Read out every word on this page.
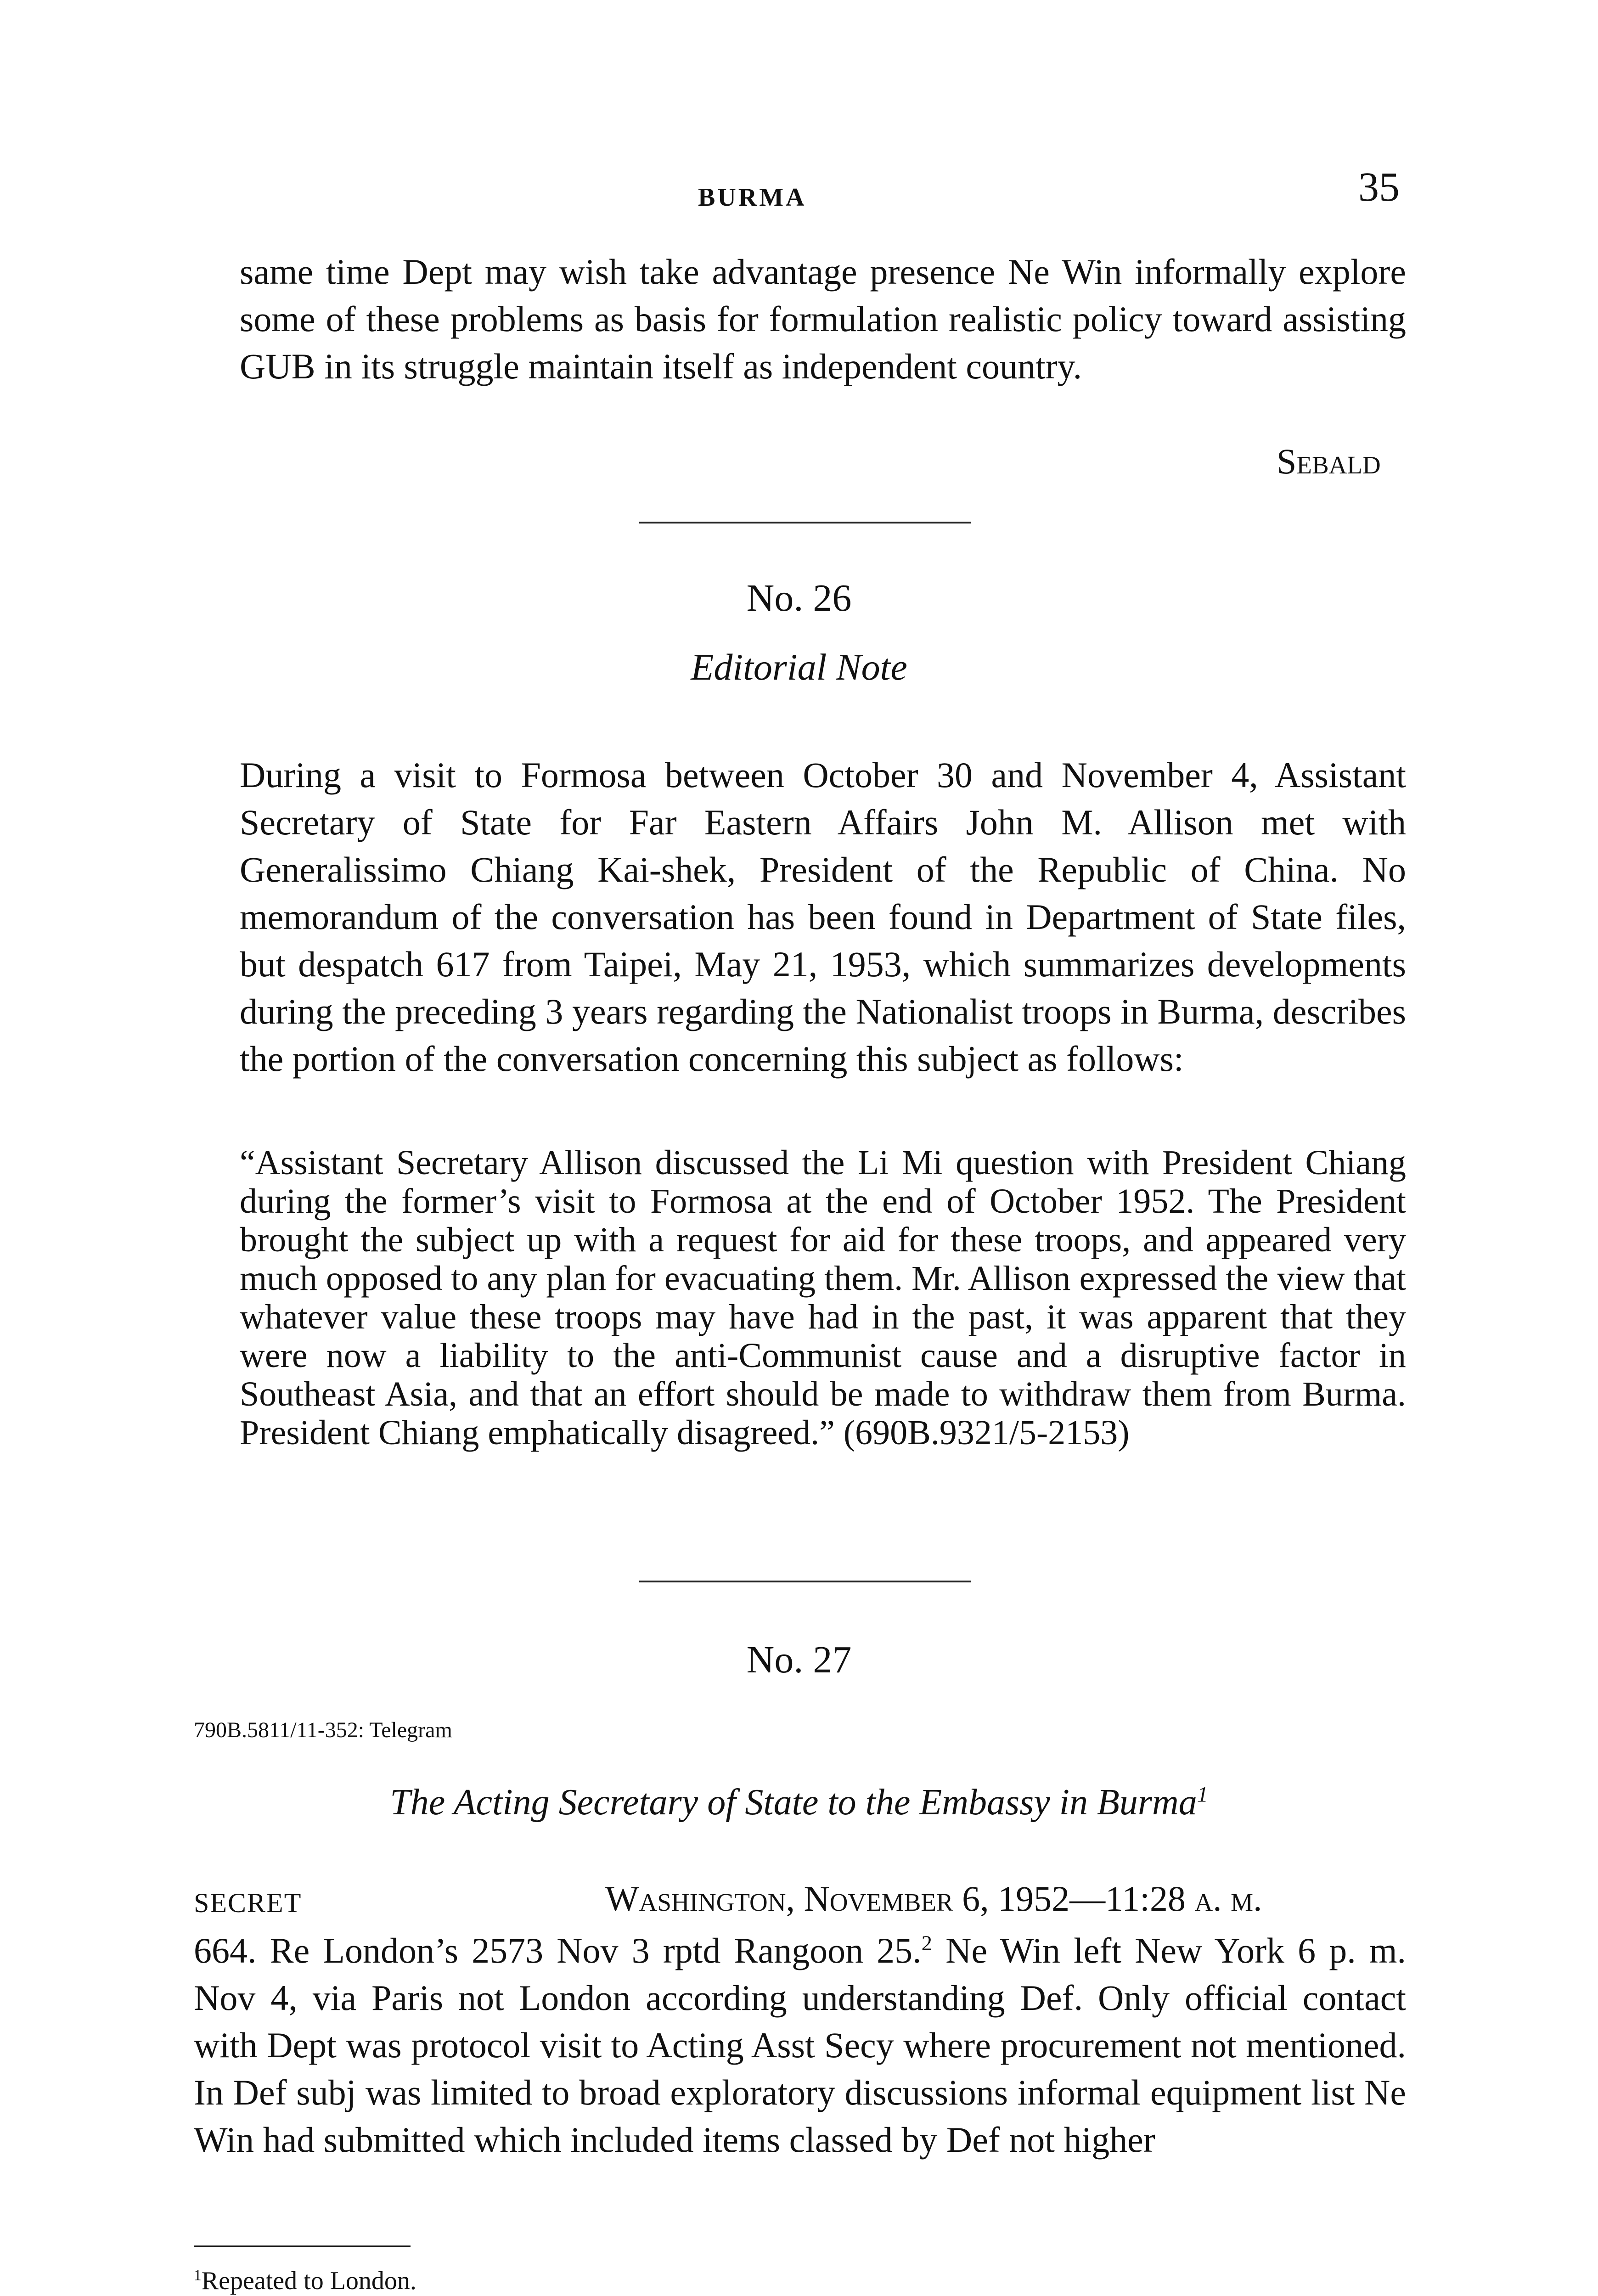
BURMA	35

same time Dept may wish take advantage presence Ne Win informally explore some of these problems as basis for formulation realistic policy toward assisting GUB in its struggle maintain itself as independent country.

Sebald
No. 26
Editorial Note

During a visit to Formosa between October 30 and November 4, Assistant Secretary of State for Far Eastern Affairs John M. Allison met with Generalissimo Chiang Kai-shek, President of the Republic of China. No memorandum of the conversation has been found in Department of State files, but despatch 617 from Taipei, May 21, 1953, which summarizes developments during the preceding 3 years regarding the Nationalist troops in Burma, describes the portion of the conversation concerning this subject as follows:

“Assistant Secretary Allison discussed the Li Mi question with President Chiang during the former’s visit to Formosa at the end of October 1952. The President brought the subject up with a request for aid for these troops, and appeared very much opposed to any plan for evacuating them. Mr. Allison expressed the view that whatever value these troops may have had in the past, it was apparent that they were now a liability to the anti-Communist cause and a disruptive factor in Southeast Asia, and that an effort should be made to withdraw them from Burma. President Chiang emphatically disagreed.” (690B.9321/5-2153)

No. 27
790B.5811/11-352: Telegram
The Acting Secretary of State to the Embassy in Burma$^1$
SECRET	Washington, November 6, 1952—11:28 a. m.

664. Re London’s 2573 Nov 3 rptd Rangoon 25.$^2$ Ne Win left New York 6 p. m. Nov 4, via Paris not London according understanding Def. Only official contact with Dept was protocol visit to Acting Asst Secy where procurement not mentioned. In Def subj was limited to broad exploratory discussions informal equipment list Ne Win had submitted which included items classed by Def not higher

$^1$Repeated to London.
